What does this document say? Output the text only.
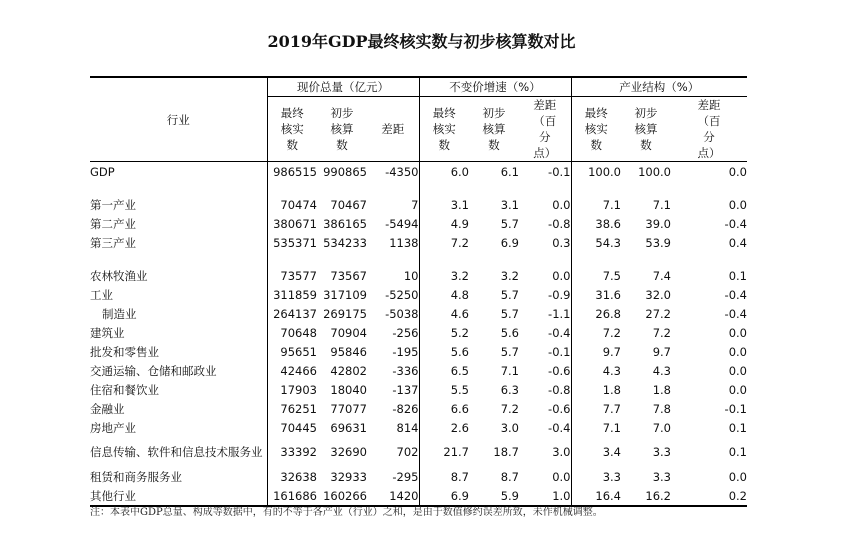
2019年GDP最终核实数与初步核算数对比
行业	现价总量（亿元）			不变价增速（%）			产业结构（%）		
	最终核实数	初步核算数	差距	最终核实数	初步核算数	差距（百分点）	最终核实数	初步核算数	差距（百分点）
GDP	986515	990865	-4350	6.0	6.1	-0.1	100.0	100.0	0.0

第一产业	70474	70467	7	3.1	3.1	0.0	7.1	7.1	0.0
第二产业	380671	386165	-5494	4.9	5.7	-0.8	38.6	39.0	-0.4
第三产业	535371	534233	1138	7.2	6.9	0.3	54.3	53.9	0.4

农林牧渔业	73577	73567	10	3.2	3.2	0.0	7.5	7.4	0.1
工业	311859	317109	-5250	4.8	5.7	-0.9	31.6	32.0	-0.4
制造业	264137	269175	-5038	4.6	5.7	-1.1	26.8	27.2	-0.4
建筑业	70648	70904	-256	5.2	5.6	-0.4	7.2	7.2	0.0
批发和零售业	95651	95846	-195	5.6	5.7	-0.1	9.7	9.7	0.0
交通运输、仓储和邮政业	42466	42802	-336	6.5	7.1	-0.6	4.3	4.3	0.0
住宿和餐饮业	17903	18040	-137	5.5	6.3	-0.8	1.8	1.8	0.0
金融业	76251	77077	-826	6.6	7.2	-0.6	7.7	7.8	-0.1
房地产业	70445	69631	814	2.6	3.0	-0.4	7.1	7.0	0.1
信息传输、软件和信息技术服务业	33392	32690	702	21.7	18.7	3.0	3.4	3.3	0.1
租赁和商务服务业	32638	32933	-295	8.7	8.7	0.0	3.3	3.3	0.0
其他行业	161686	160266	1420	6.9	5.9	1.0	16.4	16.2	0.2
注：本表中GDP总量、构成等数据中，有的不等于各产业（行业）之和，是由于数值修约误差所致，未作机械调整。
